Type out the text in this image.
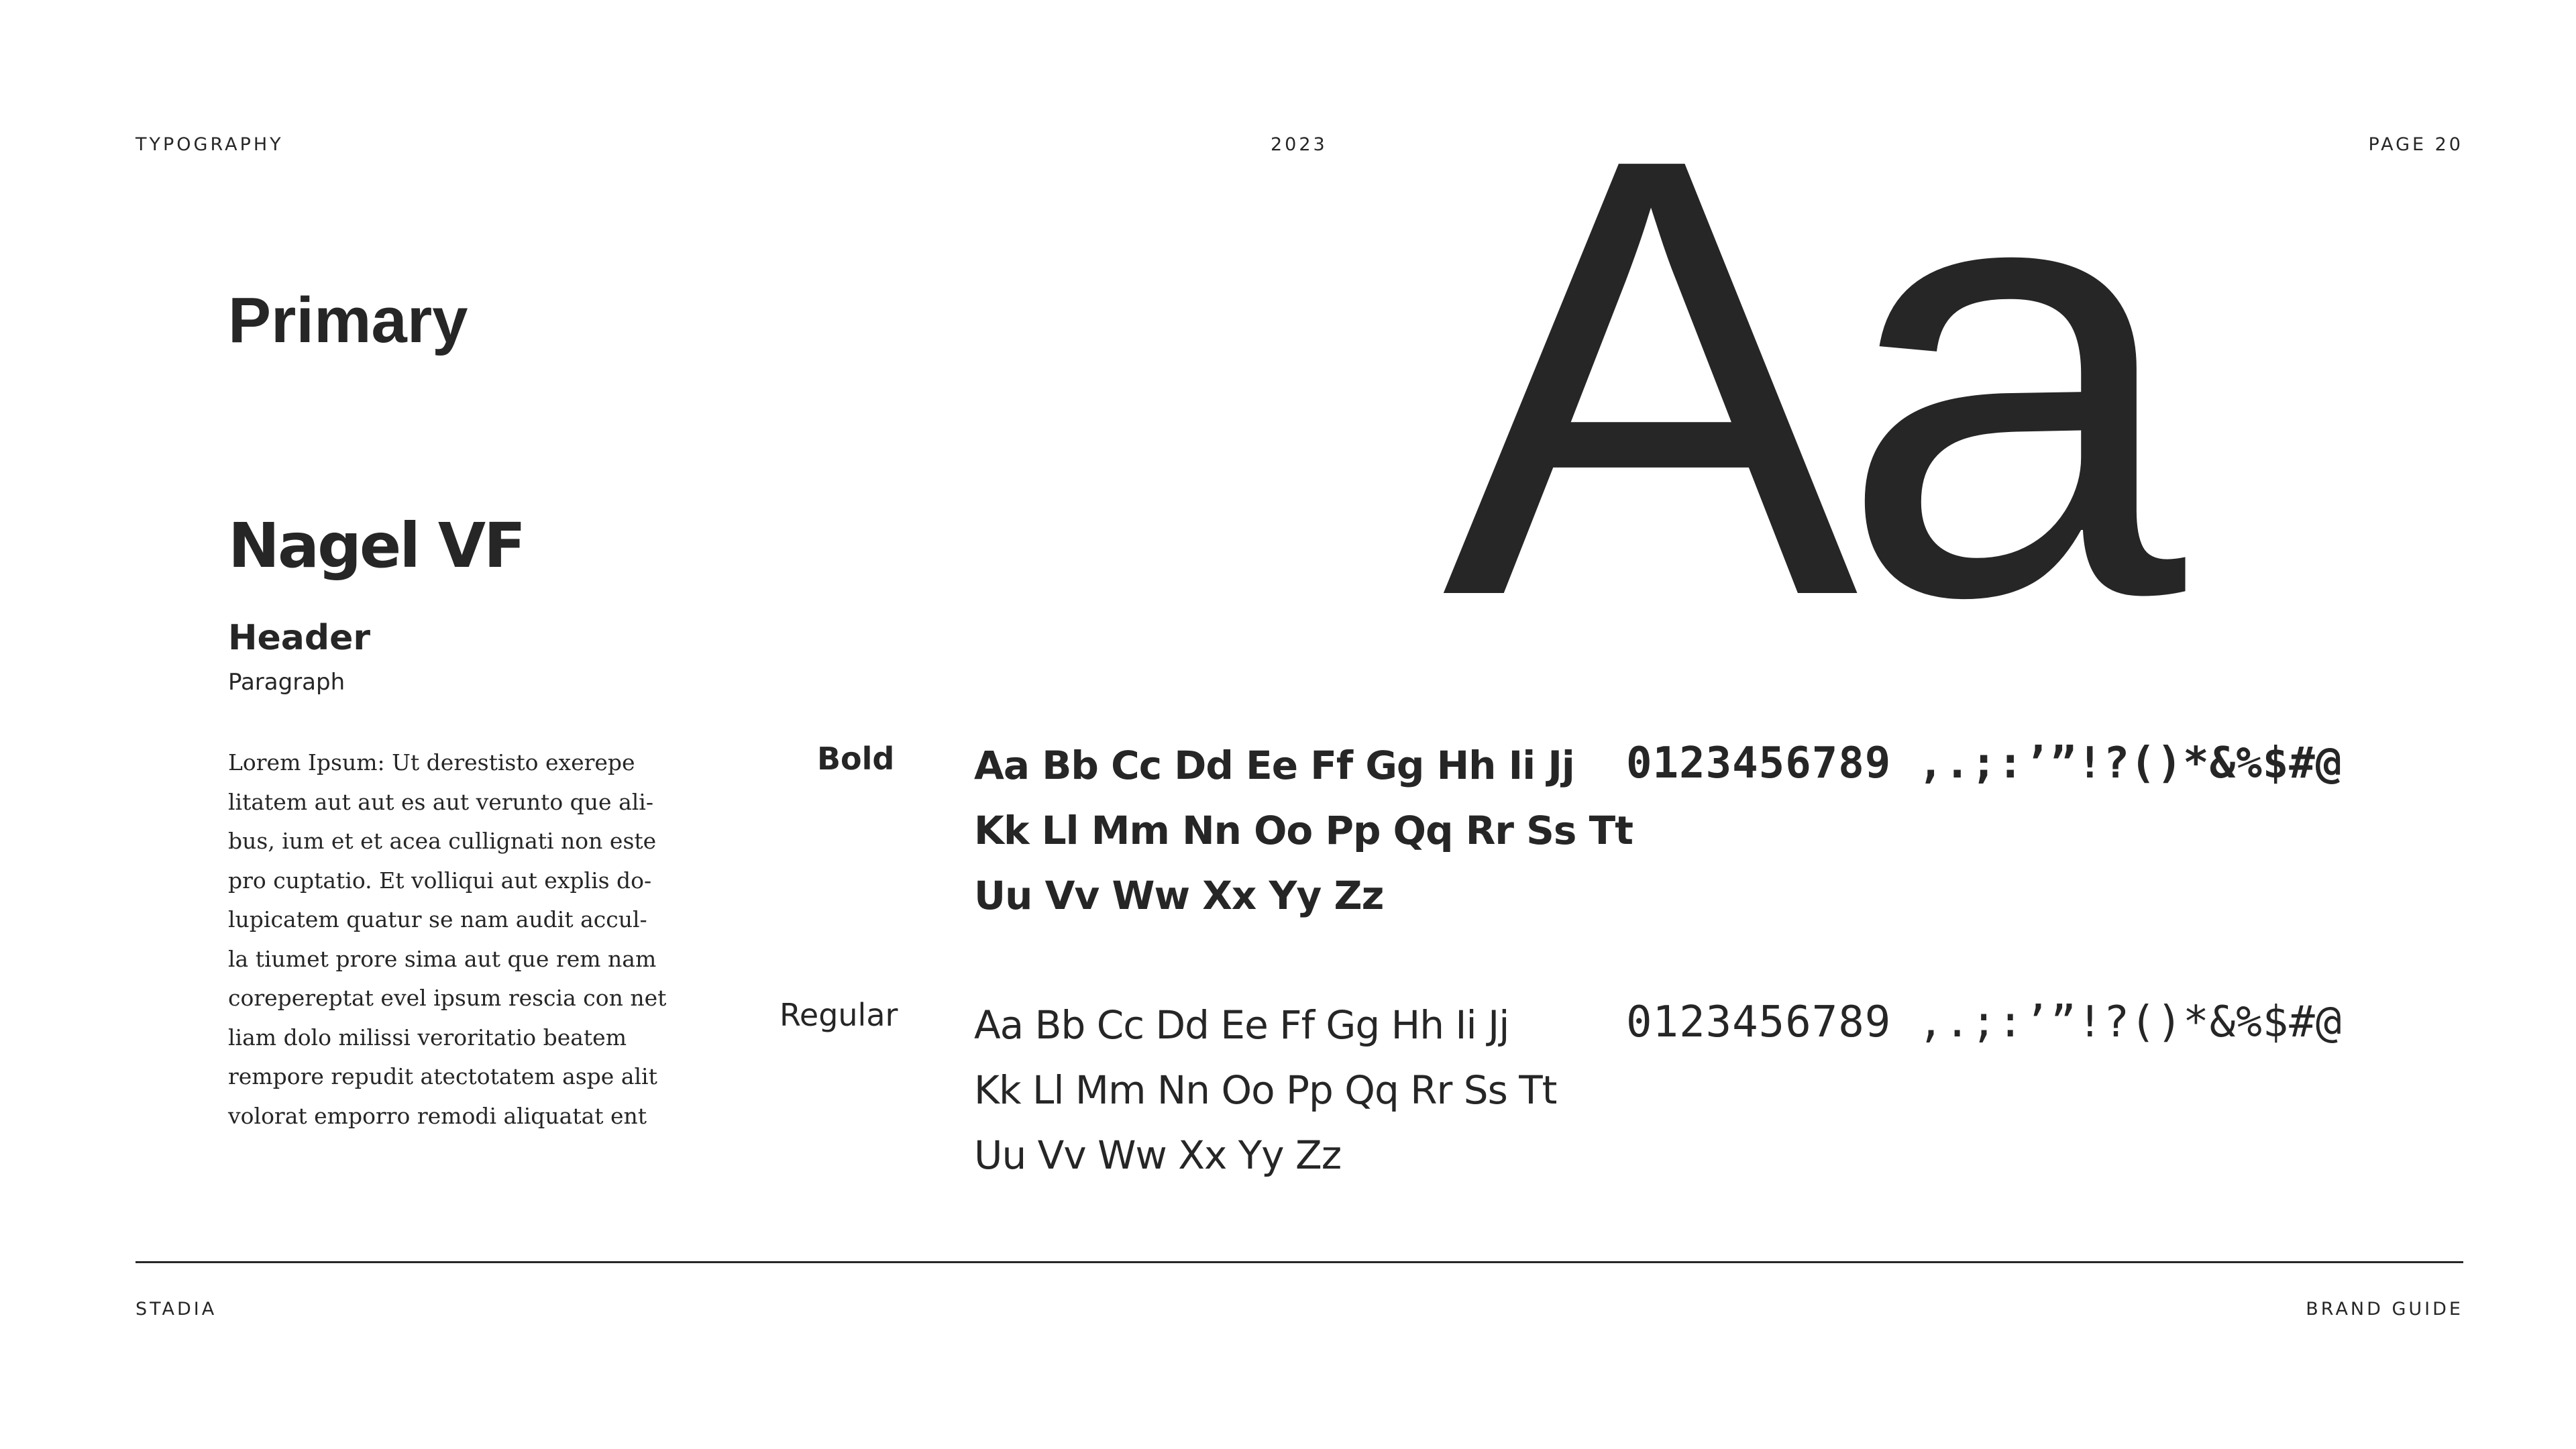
TYPOGRAPHY	2023	PAGE 20

Primary

Nagel VF

Header

Paragraph

Lorem Ipsum: Ut derestisto exerepe
litatem aut aut es aut verunto que ali-
bus, ium et et acea cullignati non este
pro cuptatio. Et volliqui aut explis do-
lupicatem quatur se nam audit accul-
la tiumet prore sima aut que rem nam
corepereptat evel ipsum rescia con net
liam dolo milissi veroritatio beatem
rempore repudit atectotatem aspe alit
volorat emporro remodi aliquatat ent

Aa

Bold Aa Bb Cc Dd Ee Ff Gg Hh Ii Jj
Kk Ll Mm Nn Oo Pp Qq Rr Ss Tt
Uu Vv Ww Xx Yy Zz

0123456789 ,.;:’”!?()*&%$#@

Regular Aa Bb Cc Dd Ee Ff Gg Hh Ii Jj
Kk Ll Mm Nn Oo Pp Qq Rr Ss Tt
Uu Vv Ww Xx Yy Zz

0123456789 ,.;:’”!?()*&%$#@

STADIA	BRAND GUIDE
